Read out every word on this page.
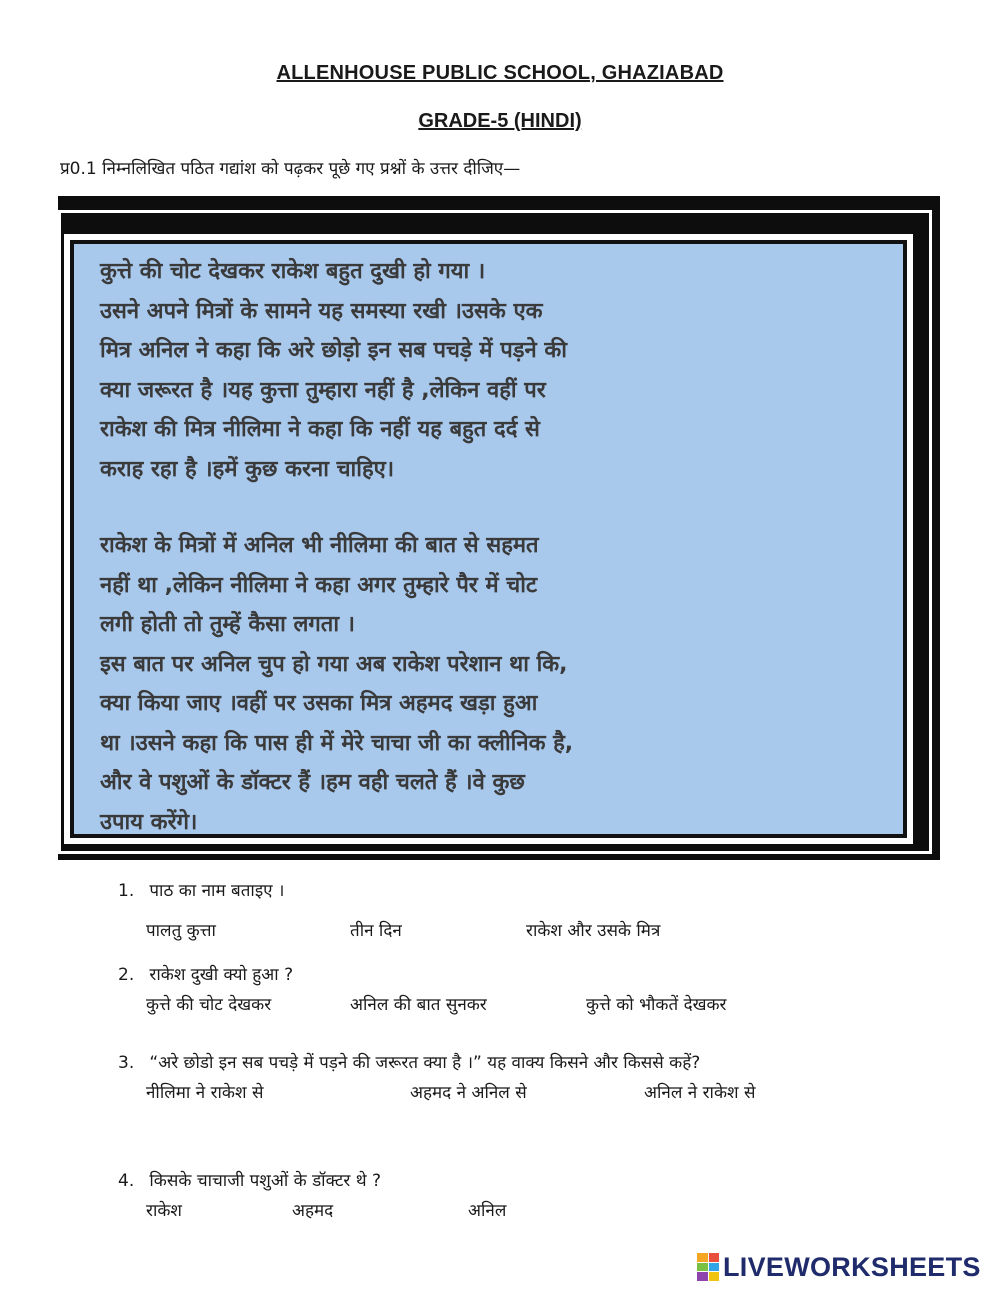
ALLENHOUSE PUBLIC SCHOOL, GHAZIABAD
GRADE-5 (HINDI)
प्र0.1 निम्नलिखित पठित गद्यांश को पढ़कर पूछे गए प्रश्नों के उत्तर दीजिए—

कुत्ते की चोट देखकर राकेश बहुत दुखी हो गया ।

उसने अपने मित्रों के सामने यह समस्या रखी ।उसके एक

मित्र अनिल ने कहा कि अरे छोड़ो इन सब पचड़े में पड़ने की

क्या जरूरत है ।यह कुत्ता तुम्हारा नहीं है ,लेकिन वहीं पर

राकेश की मित्र नीलिमा ने कहा कि नहीं यह बहुत दर्द से

कराह रहा है ।हमें कुछ करना चाहिए।

राकेश के मित्रों में अनिल भी नीलिमा की बात से सहमत

नहीं था ,लेकिन नीलिमा ने कहा अगर तुम्हारे पैर में चोट

लगी होती तो तुम्हें कैसा लगता ।

इस बात पर अनिल चुप हो गया अब राकेश परेशान था कि,

क्या किया जाए ।वहीं पर उसका मित्र अहमद खड़ा हुआ

था ।उसने कहा कि पास ही में मेरे चाचा जी का क्लीनिक है,

और वे पशुओं के डॉक्टर हैं ।हम वही चलते हैं ।वे कुछ

उपाय करेंगे।

1. पाठ का नाम बताइए ।
पालतु कुत्ता	तीन दिन	राकेश और उसके मित्र
2. राकेश दुखी क्यो हुआ ?
कुत्ते की चोट देखकर	अनिल की बात सुनकर	कुत्ते को भौकतें देखकर
3. “अरे छोडो इन सब पचड़े में पड़ने की जरूरत क्या है ।” यह वाक्य किसने और किससे कहें?
नीलिमा ने राकेश से	अहमद ने अनिल से	अनिल ने राकेश से
4. किसके चाचाजी पशुओं के डॉक्टर थे ?
राकेश	अहमद	अनिल
LIVEWORKSHEETS
